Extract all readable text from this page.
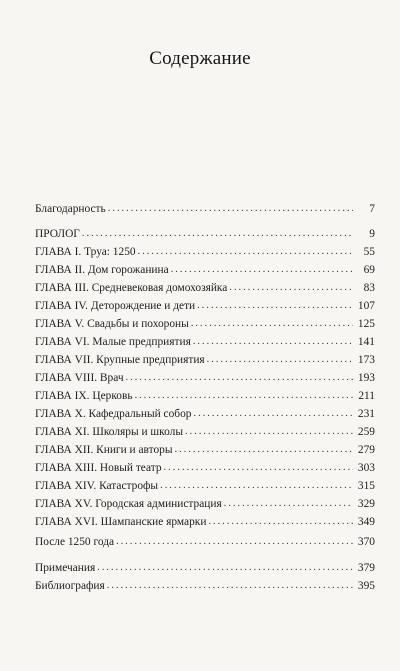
Содержание
Благодарность . . .	7
ПРОЛОГ . . .	9
ГЛАВА I. Труа: 1250 . . .	55
ГЛАВА II. Дом горожанина . . .	69
ГЛАВА III. Средневековая домохозяйка . . .	83
ГЛАВА IV. Деторождение и дети . . .	107
ГЛАВА V. Свадьбы и похороны . . .	125
ГЛАВА VI. Малые предприятия . . .	141
ГЛАВА VII. Крупные предприятия . . .	173
ГЛАВА VIII. Врач . . .	193
ГЛАВА IX. Церковь . . .	211
ГЛАВА X. Кафедральный собор . . .	231
ГЛАВА XI. Школяры и школы . . .	259
ГЛАВА XII. Книги и авторы . . .	279
ГЛАВА XIII. Новый театр . . .	303
ГЛАВА XIV. Катастрофы . . .	315
ГЛАВА XV. Городская администрация . . .	329
ГЛАВА XVI. Шампанские ярмарки . . .	349
После 1250 года . . .	370
Примечания . . .	379
Библиография . . .	395
